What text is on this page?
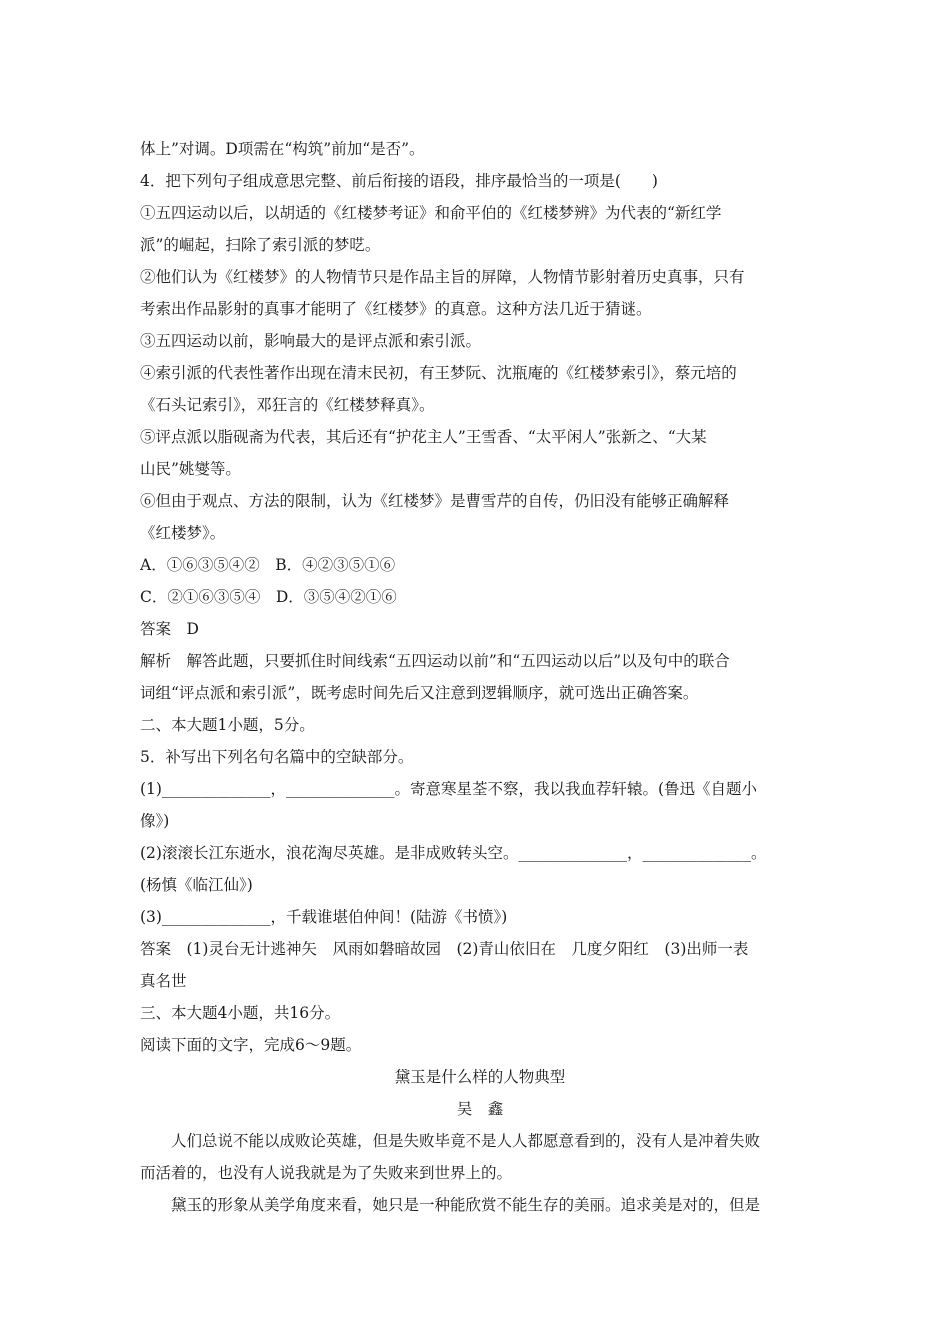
体上”对调。D项需在“构筑”前加“是否”。
4．把下列句子组成意思完整、前后衔接的语段，排序最恰当的一项是(　　)
①五四运动以后，以胡适的《红楼梦考证》和俞平伯的《红楼梦辨》为代表的“新红学
派”的崛起，扫除了索引派的梦呓。
②他们认为《红楼梦》的人物情节只是作品主旨的屏障，人物情节影射着历史真事，只有
考索出作品影射的真事才能明了《红楼梦》的真意。这种方法几近于猜谜。
③五四运动以前，影响最大的是评点派和索引派。
④索引派的代表性著作出现在清末民初，有王梦阮、沈瓶庵的《红楼梦索引》，蔡元培的
《石头记索引》，邓狂言的《红楼梦释真》。
⑤评点派以脂砚斋为代表，其后还有“护花主人”王雪香、“太平闲人”张新之、“大某
山民”姚燮等。
⑥但由于观点、方法的限制，认为《红楼梦》是曹雪芹的自传，仍旧没有能够正确解释
《红楼梦》。
A．①⑥③⑤④②　B．④②③⑤①⑥
C．②①⑥③⑤④　D．③⑤④②①⑥
答案　D
解析　解答此题，只要抓住时间线索“五四运动以前”和“五四运动以后”以及句中的联合
词组“评点派和索引派”，既考虑时间先后又注意到逻辑顺序，就可选出正确答案。
二、本大题1小题，5分。
5．补写出下列名句名篇中的空缺部分。
(1)______________，______________。寄意寒星荃不察，我以我血荐轩辕。(鲁迅《自题小
像》)
(2)滚滚长江东逝水，浪花淘尽英雄。是非成败转头空。______________，______________。
(杨慎《临江仙》)
(3)______________，千载谁堪伯仲间！(陆游《书愤》)
答案　(1)灵台无计逃神矢　风雨如磐暗故园　(2)青山依旧在　几度夕阳红　(3)出师一表
真名世
三、本大题4小题，共16分。
阅读下面的文字，完成6～9题。
黛玉是什么样的人物典型
吴　鑫
人们总说不能以成败论英雄，但是失败毕竟不是人人都愿意看到的，没有人是冲着失败
而活着的，也没有人说我就是为了失败来到世界上的。
黛玉的形象从美学角度来看，她只是一种能欣赏不能生存的美丽。追求美是对的，但是
